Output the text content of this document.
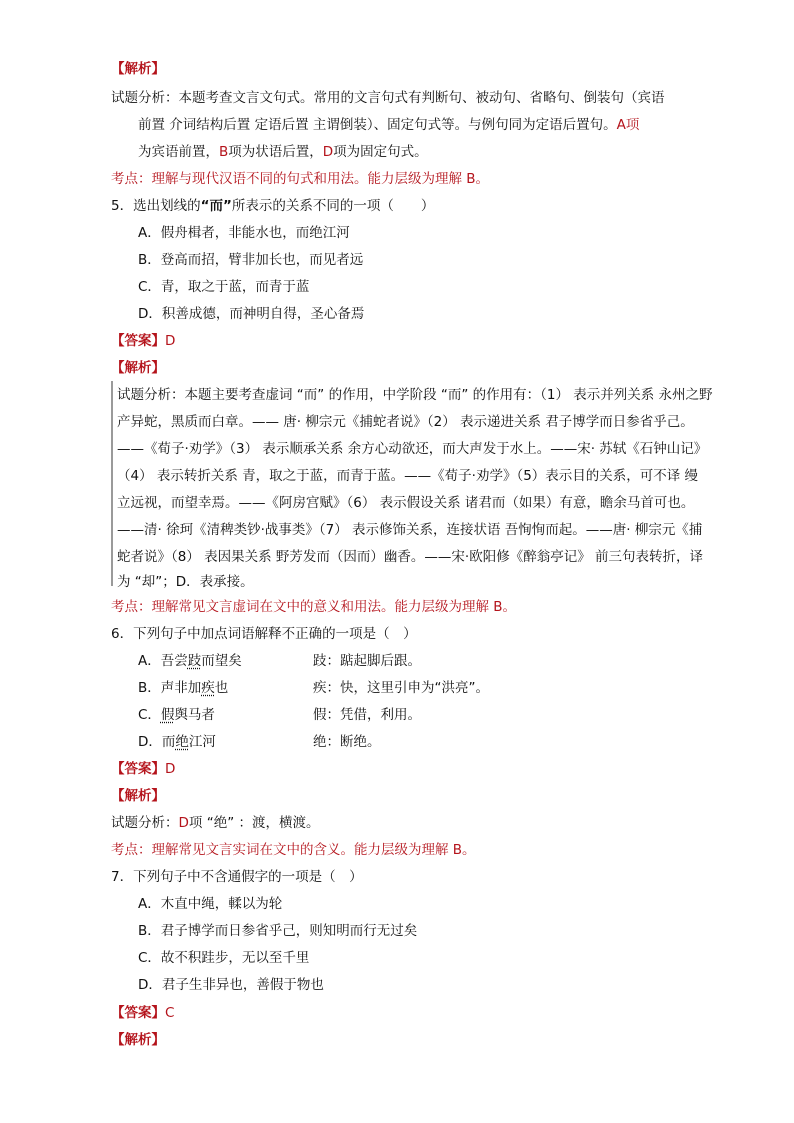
【解析】
试题分析：本题考查文言文句式。常用的文言句式有判断句、被动句、省略句、倒装句（宾语
前置 介词结构后置 定语后置 主谓倒装）、固定句式等。与例句同为定语后置句。A项
为宾语前置，B项为状语后置，D项为固定句式。
考点：理解与现代汉语不同的句式和用法。能力层级为理解 B。
5．选出划线的“而”所表示的关系不同的一项（　　）
A．假舟楫者，非能水也，而绝江河
B．登高而招，臂非加长也，而见者远
C．青，取之于蓝，而青于蓝
D．积善成德，而神明自得，圣心备焉
【答案】D
【解析】
试题分析：本题主要考查虚词 “而” 的作用，中学阶段 “而” 的作用有：（1） 表示并列关系 永州之野
产异蛇，黑质而白章。—— 唐· 柳宗元《捕蛇者说》（2） 表示递进关系 君子博学而日参省乎己。
——《荀子·劝学》（3） 表示顺承关系 余方心动欲还，而大声发于水上。——宋· 苏轼《石钟山记》
（4） 表示转折关系 青，取之于蓝，而青于蓝。——《荀子·劝学》（5）表示目的关系，可不译 缦
立远视，而望幸焉。——《阿房宫赋》（6） 表示假设关系 诸君而（如果）有意，瞻余马首可也。
——清· 徐珂《清稗类钞·战事类》（7） 表示修饰关系，连接状语 吾恂恂而起。——唐· 柳宗元《捕
蛇者说》（8） 表因果关系 野芳发而（因而）幽香。——宋·欧阳修《醉翁亭记》 前三句表转折，译
为 “却”；D．表承接。
考点：理解常见文言虚词在文中的意义和用法。能力层级为理解 B。
6．下列句子中加点词语解释不正确的一项是（　）
A．吾尝跂而望矣	跂：踮起脚后跟。
B．声非加疾也	疾：快，这里引申为“洪亮”。
C．假舆马者	假：凭借，利用。
D．而绝江河	绝：断绝。
【答案】D
【解析】
试题分析：D项 “绝” ：渡，横渡。
考点：理解常见文言实词在文中的含义。能力层级为理解 B。
7．下列句子中不含通假字的一项是（　）
A．木直中绳，輮以为轮
B．君子博学而日参省乎己，则知明而行无过矣
C．故不积跬步，无以至千里
D．君子生非异也，善假于物也
【答案】C
【解析】
